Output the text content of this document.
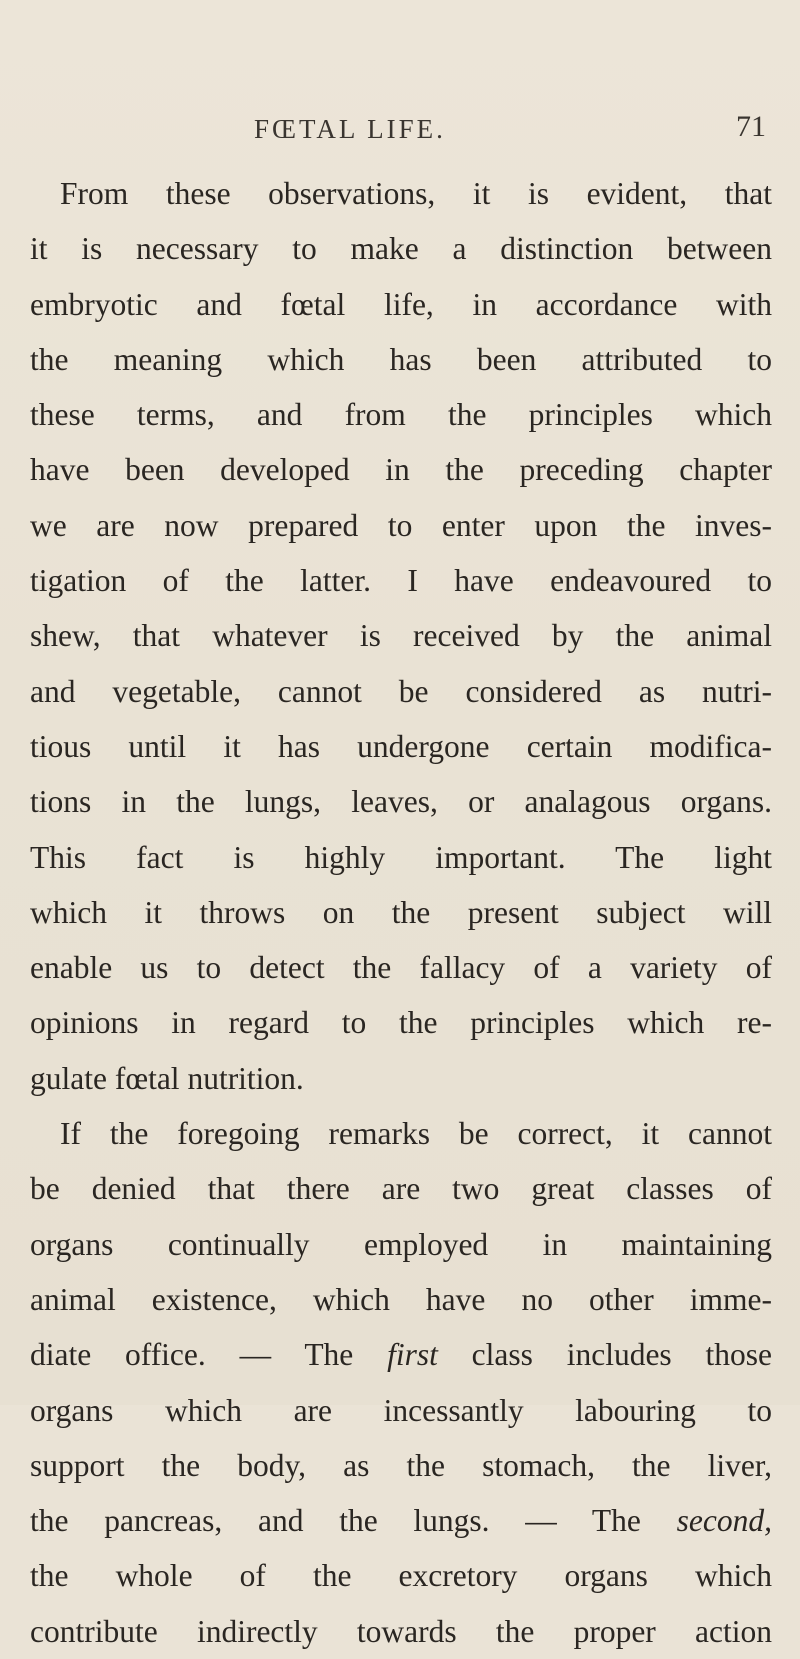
FŒTAL LIFE.	71
From these observations, it is evident, that
it is necessary to make a distinction between
embryotic and fœtal life, in accordance with
the meaning which has been attributed to
these terms, and from the principles which
have been developed in the preceding chapter
we are now prepared to enter upon the inves-
tigation of the latter. I have endeavoured to
shew, that whatever is received by the animal
and vegetable, cannot be considered as nutri-
tious until it has undergone certain modifica-
tions in the lungs, leaves, or analagous organs.
This fact is highly important. The light
which it throws on the present subject will
enable us to detect the fallacy of a variety of
opinions in regard to the principles which re-
gulate fœtal nutrition.
If the foregoing remarks be correct, it cannot
be denied that there are two great classes of
organs continually employed in maintaining
animal existence, which have no other imme-
diate office. — The first class includes those
organs which are incessantly labouring to
support the body, as the stomach, the liver,
the pancreas, and the lungs. — The second,
the whole of the excretory organs which
contribute indirectly towards the proper action
